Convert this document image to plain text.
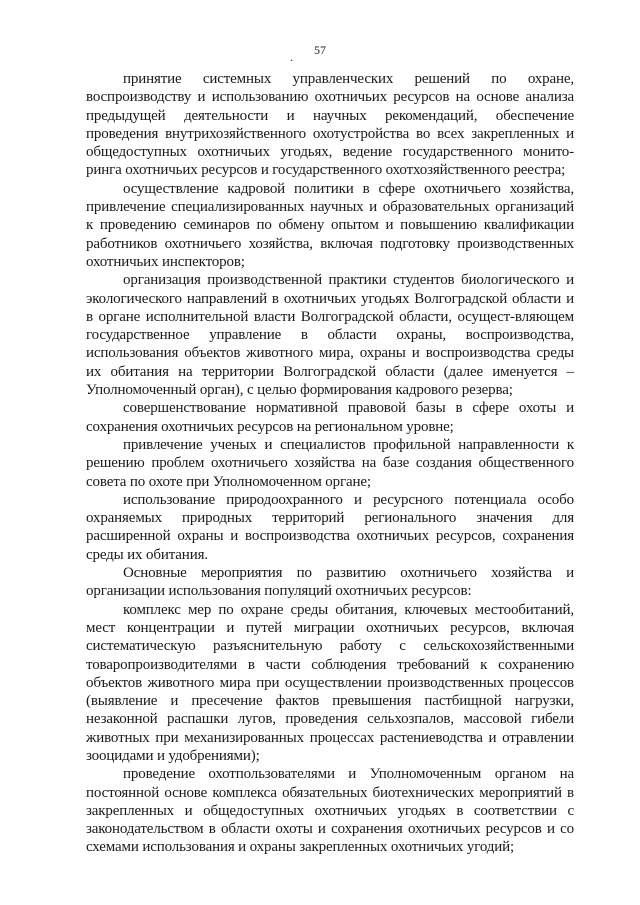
57
.

принятие системных управленческих решений по охране, воспроизводству и использованию охотничьих ресурсов на основе анализа предыдущей деятельности и научных рекомендаций, обеспечение проведения внутрихозяйственного охотустройства во всех закрепленных и общедоступных охотничьих угодьях, ведение государственного монито-ринга охотничьих ресурсов и государственного охотхозяйственного реестра;

осуществление кадровой политики в сфере охотничьего хозяйства, привлечение специализированных научных и образовательных организаций к проведению семинаров по обмену опытом и повышению квалификации работников охотничьего хозяйства, включая подготовку производственных охотничьих инспекторов;

организация производственной практики студентов биологического и экологического направлений в охотничьих угодьях Волгоградской области и в органе исполнительной власти Волгоградской области, осущест-вляющем государственное управление в области охраны, воспроизводства, использования объектов животного мира, охраны и воспроизводства среды их обитания на территории Волгоградской области (далее именуется – Уполномоченный орган), с целью формирования кадрового резерва;

совершенствование нормативной правовой базы в сфере охоты и сохранения охотничьих ресурсов на региональном уровне;

привлечение ученых и специалистов профильной направленности к решению проблем охотничьего хозяйства на базе создания общественного совета по охоте при Уполномоченном органе;

использование природоохранного и ресурсного потенциала особо охраняемых природных территорий регионального значения для расширенной охраны и воспроизводства охотничьих ресурсов, сохранения среды их обитания.

Основные мероприятия по развитию охотничьего хозяйства и организации использования популяций охотничьих ресурсов:

комплекс мер по охране среды обитания, ключевых местообитаний, мест концентрации и путей миграции охотничьих ресурсов, включая систематическую разъяснительную работу с сельскохозяйственными товаропроизводителями в части соблюдения требований к сохранению объектов животного мира при осуществлении производственных процессов (выявление и пресечение фактов превышения пастбищной нагрузки, незаконной распашки лугов, проведения сельхозпалов, массовой гибели животных при механизированных процессах растениеводства и отравлении зооцидами и удобрениями);

проведение охотпользователями и Уполномоченным органом на постоянной основе комплекса обязательных биотехнических мероприятий в закрепленных и общедоступных охотничьих угодьях в соответствии с законодательством в области охоты и сохранения охотничьих ресурсов и со схемами использования и охраны закрепленных охотничьих угодий;
